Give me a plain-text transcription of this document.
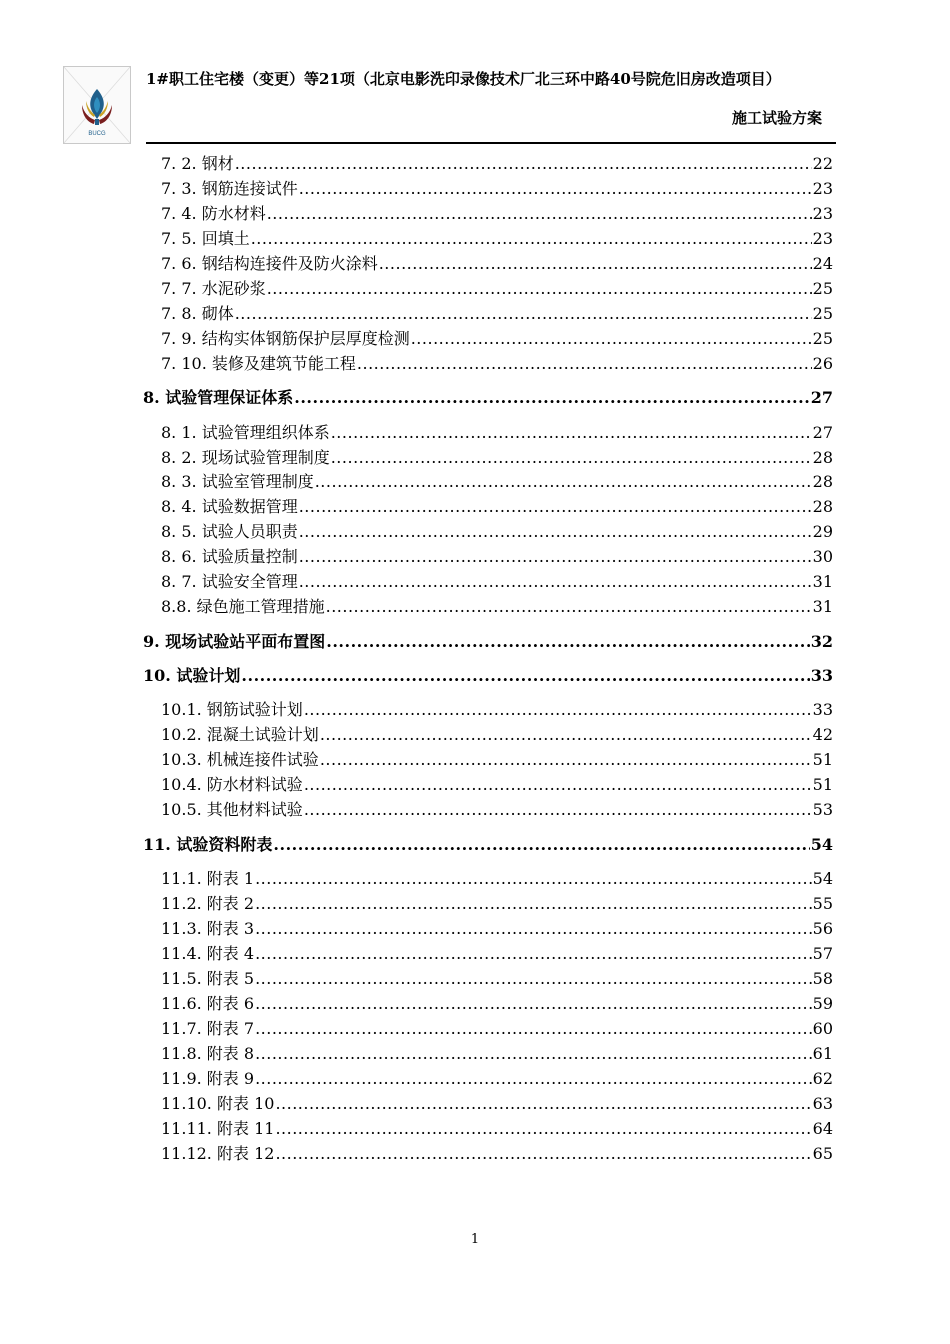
BUCG
1#职工住宅楼（变更）等21项（北京电影洗印录像技术厂北三环中路40号院危旧房改造项目）
施工试验方案
7. 2. 钢材 .....	22
7. 3. 钢筋连接试件 .....	23
7. 4. 防水材料 .....	23
7. 5. 回填土 .....	23
7. 6. 钢结构连接件及防火涂料 .....	24
7. 7. 水泥砂浆 .....	25
7. 8. 砌体 .....	25
7. 9. 结构实体钢筋保护层厚度检测 .....	25
7. 10. 装修及建筑节能工程 .....	26
8. 试验管理保证体系 .....	27
8. 1. 试验管理组织体系 .....	27
8. 2. 现场试验管理制度 .....	28
8. 3. 试验室管理制度 .....	28
8. 4. 试验数据管理 .....	28
8. 5. 试验人员职责 .....	29
8. 6. 试验质量控制 .....	30
8. 7. 试验安全管理 .....	31
8.8. 绿色施工管理措施 .....	31
9. 现场试验站平面布置图 .....	32
10. 试验计划 .....	33
10.1. 钢筋试验计划 .....	33
10.2. 混凝土试验计划 .....	42
10.3. 机械连接件试验 .....	51
10.4. 防水材料试验 .....	51
10.5. 其他材料试验 .....	53
11. 试验资料附表 .....	54
11.1. 附表 1 .....	54
11.2. 附表 2 .....	55
11.3. 附表 3 .....	56
11.4. 附表 4 .....	57
11.5. 附表 5 .....	58
11.6. 附表 6 .....	59
11.7. 附表 7 .....	60
11.8. 附表 8 .....	61
11.9. 附表 9 .....	62
11.10. 附表 10 .....	63
11.11. 附表 11 .....	64
11.12. 附表 12 .....	65
1
